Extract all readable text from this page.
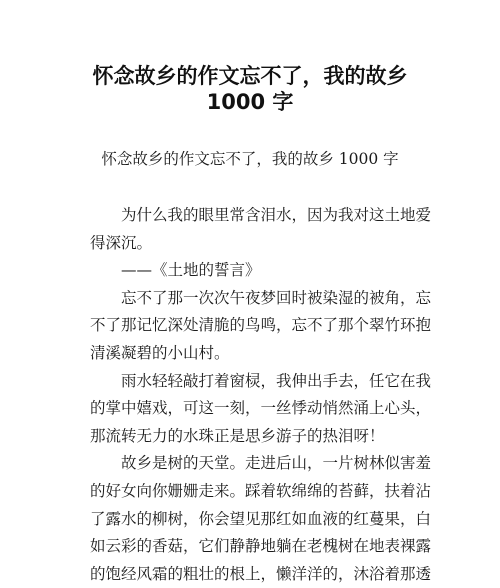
怀念故乡的作文忘不了，我的故乡
1000 字
怀念故乡的作文忘不了，我的故乡 1000 字
为什么我的眼里常含泪水，因为我对这土地爱
得深沉。
——《土地的誓言》
忘不了那一次次午夜梦回时被染湿的被角，忘
不了那记忆深处清脆的鸟鸣，忘不了那个翠竹环抱
清溪凝碧的小山村。
雨水轻轻敲打着窗棂，我伸出手去，任它在我
的掌中嬉戏，可这一刻，一丝悸动悄然涌上心头，
那流转无力的水珠正是思乡游子的热泪呀！
故乡是树的天堂。走进后山，一片树林似害羞
的好女向你姗姗走来。踩着软绵绵的苔藓，扶着沾
了露水的柳树，你会望见那红如血液的红蔓果，白
如云彩的香菇，它们静静地躺在老槐树在地表裸露
的饱经风霜的粗壮的根上，懒洋洋的，沐浴着那透
